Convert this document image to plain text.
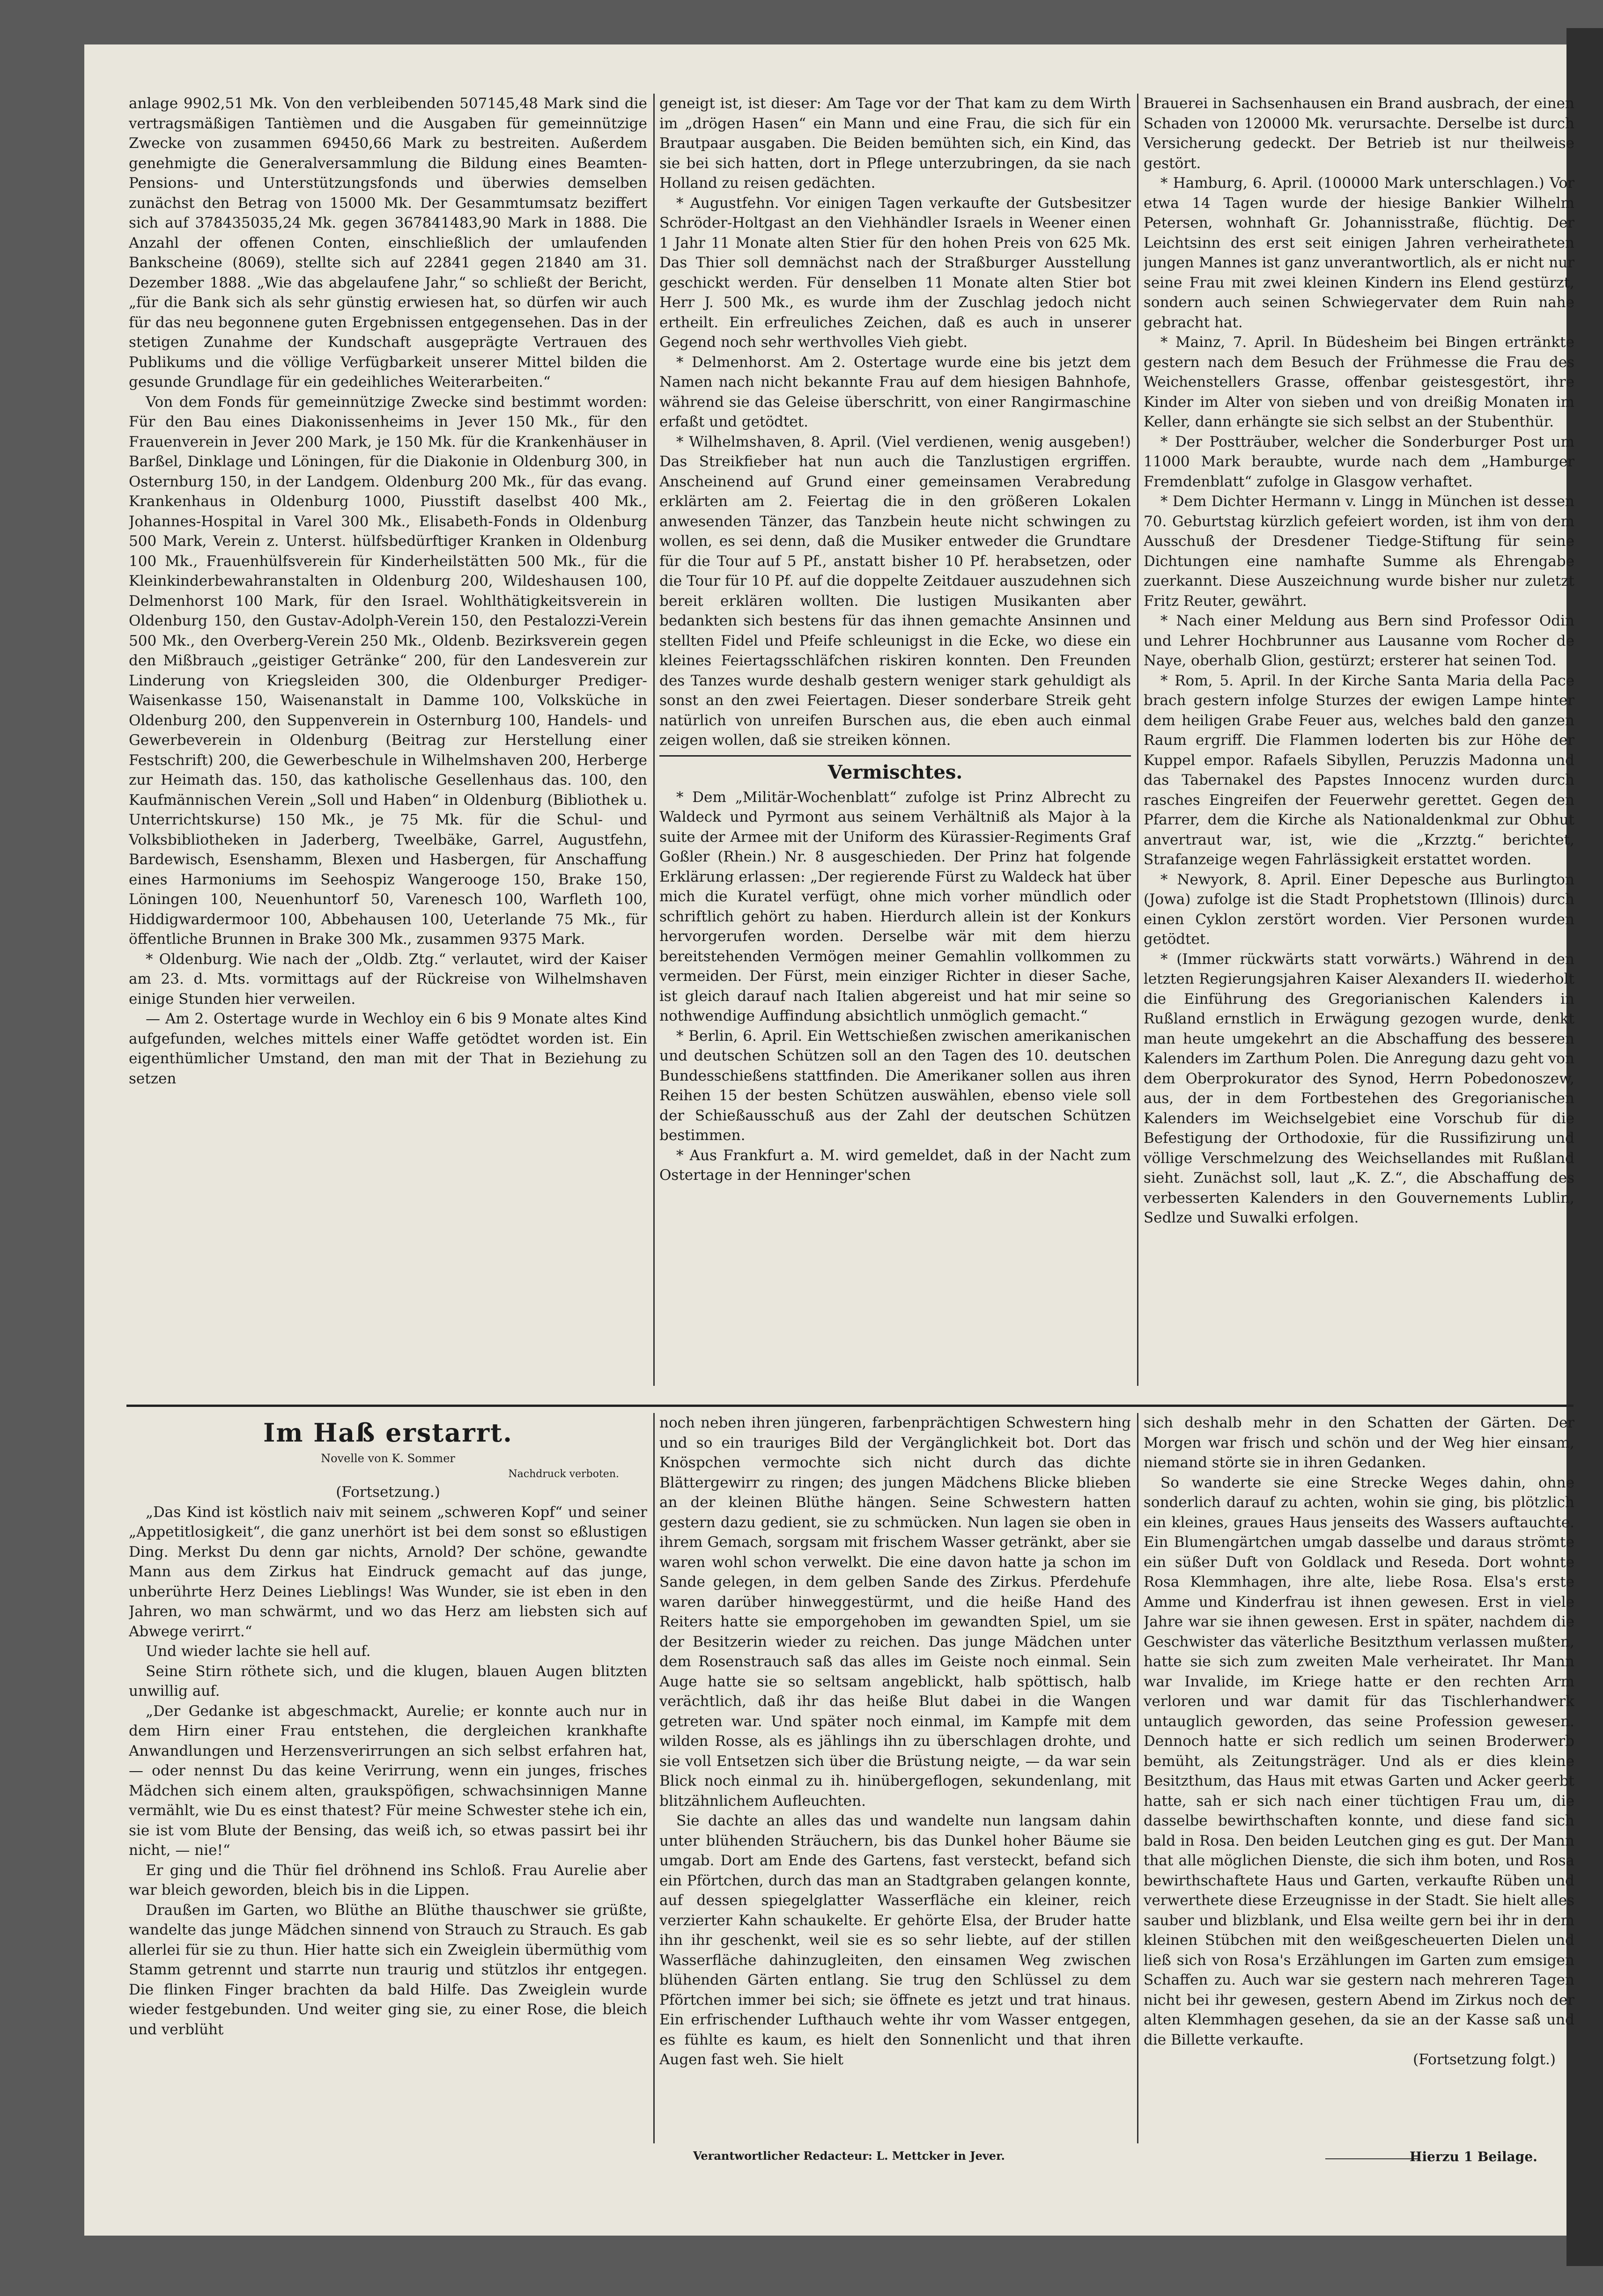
anlage 9902,51 Mk. Von den verbleibenden 507145,48 Mark sind die vertragsmäßigen Tantièmen und die Ausgaben für gemeinnützige Zwecke von zusammen 69450,66 Mark zu bestreiten. Außerdem genehmigte die Generalversammlung die Bildung eines Beamten-Pensions- und Unterstützungsfonds und überwies demselben zunächst den Betrag von 15000 Mk. Der Gesammtumsatz beziffert sich auf 378435035,24 Mk. gegen 367841483,90 Mark in 1888. Die Anzahl der offenen Conten, einschließlich der umlaufenden Bankscheine (8069), stellte sich auf 22841 gegen 21840 am 31. Dezember 1888. „Wie das abgelaufene Jahr,“ so schließt der Bericht, „für die Bank sich als sehr günstig erwiesen hat, so dürfen wir auch für das neu begonnene guten Ergebnissen entgegensehen. Das in der stetigen Zunahme der Kundschaft ausgeprägte Vertrauen des Publikums und die völlige Verfügbarkeit unserer Mittel bilden die gesunde Grundlage für ein gedeihliches Weiterarbeiten.“

Von dem Fonds für gemeinnützige Zwecke sind bestimmt worden: Für den Bau eines Diakonissenheims in Jever 150 Mk., für den Frauenverein in Jever 200 Mark, je 150 Mk. für die Krankenhäuser in Barßel, Dinklage und Löningen, für die Diakonie in Oldenburg 300, in Osternburg 150, in der Landgem. Oldenburg 200 Mk., für das evang. Krankenhaus in Oldenburg 1000, Piusstift daselbst 400 Mk., Johannes-Hospital in Varel 300 Mk., Elisabeth-Fonds in Oldenburg 500 Mark, Verein z. Unterst. hülfsbedürftiger Kranken in Oldenburg 100 Mk., Frauenhülfsverein für Kinderheilstätten 500 Mk., für die Kleinkinderbewahranstalten in Oldenburg 200, Wildeshausen 100, Delmenhorst 100 Mark, für den Israel. Wohlthätigkeitsverein in Oldenburg 150, den Gustav-Adolph-Verein 150, den Pestalozzi-Verein 500 Mk., den Overberg-Verein 250 Mk., Oldenb. Bezirksverein gegen den Mißbrauch „geistiger Getränke“ 200, für den Landesverein zur Linderung von Kriegsleiden 300, die Oldenburger Prediger-Waisenkasse 150, Waisenanstalt in Damme 100, Volksküche in Oldenburg 200, den Suppenverein in Osternburg 100, Handels- und Gewerbeverein in Oldenburg (Beitrag zur Herstellung einer Festschrift) 200, die Gewerbeschule in Wilhelmshaven 200, Herberge zur Heimath das. 150, das katholische Gesellenhaus das. 100, den Kaufmännischen Verein „Soll und Haben“ in Oldenburg (Bibliothek u. Unterrichtskurse) 150 Mk., je 75 Mk. für die Schul- und Volksbibliotheken in Jaderberg, Tweelbäke, Garrel, Augustfehn, Bardewisch, Esenshamm, Blexen und Hasbergen, für Anschaffung eines Harmoniums im Seehospiz Wangerooge 150, Brake 150, Löningen 100, Neuenhuntorf 50, Varenesch 100, Warfleth 100, Hiddigwardermoor 100, Abbehausen 100, Ueterlande 75 Mk., für öffentliche Brunnen in Brake 300 Mk., zusammen 9375 Mark.

* Oldenburg. Wie nach der „Oldb. Ztg.“ verlautet, wird der Kaiser am 23. d. Mts. vormittags auf der Rückreise von Wilhelmshaven einige Stunden hier verweilen.

— Am 2. Ostertage wurde in Wechloy ein 6 bis 9 Monate altes Kind aufgefunden, welches mittels einer Waffe getödtet worden ist. Ein eigenthümlicher Umstand, den man mit der That in Beziehung zu setzen

geneigt ist, ist dieser: Am Tage vor der That kam zu dem Wirth im „drögen Hasen“ ein Mann und eine Frau, die sich für ein Brautpaar ausgaben. Die Beiden bemühten sich, ein Kind, das sie bei sich hatten, dort in Pflege unterzubringen, da sie nach Holland zu reisen gedächten.

* Augustfehn. Vor einigen Tagen verkaufte der Gutsbesitzer Schröder-Holtgast an den Viehhändler Israels in Weener einen 1 Jahr 11 Monate alten Stier für den hohen Preis von 625 Mk. Das Thier soll demnächst nach der Straßburger Ausstellung geschickt werden. Für denselben 11 Monate alten Stier bot Herr J. 500 Mk., es wurde ihm der Zuschlag jedoch nicht ertheilt. Ein erfreuliches Zeichen, daß es auch in unserer Gegend noch sehr werthvolles Vieh giebt.

* Delmenhorst. Am 2. Ostertage wurde eine bis jetzt dem Namen nach nicht bekannte Frau auf dem hiesigen Bahnhofe, während sie das Geleise überschritt, von einer Rangirmaschine erfaßt und getödtet.

* Wilhelmshaven, 8. April. (Viel verdienen, wenig ausgeben!) Das Streikfieber hat nun auch die Tanzlustigen ergriffen. Anscheinend auf Grund einer gemeinsamen Verabredung erklärten am 2. Feiertag die in den größeren Lokalen anwesenden Tänzer, das Tanzbein heute nicht schwingen zu wollen, es sei denn, daß die Musiker entweder die Grundtare für die Tour auf 5 Pf., anstatt bisher 10 Pf. herabsetzen, oder die Tour für 10 Pf. auf die doppelte Zeitdauer auszudehnen sich bereit erklären wollten. Die lustigen Musikanten aber bedankten sich bestens für das ihnen gemachte Ansinnen und stellten Fidel und Pfeife schleunigst in die Ecke, wo diese ein kleines Feiertagsschläfchen riskiren konnten. Den Freunden des Tanzes wurde deshalb gestern weniger stark gehuldigt als sonst an den zwei Feiertagen. Dieser sonderbare Streik geht natürlich von unreifen Burschen aus, die eben auch einmal zeigen wollen, daß sie streiken können.

Vermischtes.

* Dem „Militär-Wochenblatt“ zufolge ist Prinz Albrecht zu Waldeck und Pyrmont aus seinem Verhältniß als Major à la suite der Armee mit der Uniform des Kürassier-Regiments Graf Goßler (Rhein.) Nr. 8 ausgeschieden. Der Prinz hat folgende Erklärung erlassen: „Der regierende Fürst zu Waldeck hat über mich die Kuratel verfügt, ohne mich vorher mündlich oder schriftlich gehört zu haben. Hierdurch allein ist der Konkurs hervorgerufen worden. Derselbe wär mit dem hierzu bereitstehenden Vermögen meiner Gemahlin vollkommen zu vermeiden. Der Fürst, mein einziger Richter in dieser Sache, ist gleich darauf nach Italien abgereist und hat mir seine so nothwendige Auffindung absichtlich unmöglich gemacht.“

* Berlin, 6. April. Ein Wettschießen zwischen amerikanischen und deutschen Schützen soll an den Tagen des 10. deutschen Bundesschießens stattfinden. Die Amerikaner sollen aus ihren Reihen 15 der besten Schützen auswählen, ebenso viele soll der Schießausschuß aus der Zahl der deutschen Schützen bestimmen.

* Aus Frankfurt a. M. wird gemeldet, daß in der Nacht zum Ostertage in der Henninger'schen

Brauerei in Sachsenhausen ein Brand ausbrach, der einen Schaden von 120000 Mk. verursachte. Derselbe ist durch Versicherung gedeckt. Der Betrieb ist nur theilweise gestört.

* Hamburg, 6. April. (100000 Mark unterschlagen.) Vor etwa 14 Tagen wurde der hiesige Bankier Wilhelm Petersen, wohnhaft Gr. Johannisstraße, flüchtig. Der Leichtsinn des erst seit einigen Jahren verheiratheten jungen Mannes ist ganz unverantwortlich, als er nicht nur seine Frau mit zwei kleinen Kindern ins Elend gestürzt, sondern auch seinen Schwiegervater dem Ruin nahe gebracht hat.

* Mainz, 7. April. In Büdesheim bei Bingen ertränkte gestern nach dem Besuch der Frühmesse die Frau des Weichenstellers Grasse, offenbar geistesgestört, ihre Kinder im Alter von sieben und von dreißig Monaten im Keller, dann erhängte sie sich selbst an der Stubenthür.

* Der Postträuber, welcher die Sonderburger Post um 11000 Mark beraubte, wurde nach dem „Hamburger Fremdenblatt“ zufolge in Glasgow verhaftet.

* Dem Dichter Hermann v. Lingg in München ist dessen 70. Geburtstag kürzlich gefeiert worden, ist ihm von dem Ausschuß der Dresdener Tiedge-Stiftung für seine Dichtungen eine namhafte Summe als Ehrengabe zuerkannt. Diese Auszeichnung wurde bisher nur zuletzt Fritz Reuter, gewährt.

* Nach einer Meldung aus Bern sind Professor Odin und Lehrer Hochbrunner aus Lausanne vom Rocher de Naye, oberhalb Glion, gestürzt; ersterer hat seinen Tod.

* Rom, 5. April. In der Kirche Santa Maria della Pace brach gestern infolge Sturzes der ewigen Lampe hinter dem heiligen Grabe Feuer aus, welches bald den ganzen Raum ergriff. Die Flammen loderten bis zur Höhe der Kuppel empor. Rafaels Sibyllen, Peruzzis Madonna und das Tabernakel des Papstes Innocenz wurden durch rasches Eingreifen der Feuerwehr gerettet. Gegen den Pfarrer, dem die Kirche als Nationaldenkmal zur Obhut anvertraut war, ist, wie die „Krzztg.“ berichtet, Strafanzeige wegen Fahrlässigkeit erstattet worden.

* Newyork, 8. April. Einer Depesche aus Burlington (Jowa) zufolge ist die Stadt Prophetstown (Illinois) durch einen Cyklon zerstört worden. Vier Personen wurden getödtet.

* (Immer rückwärts statt vorwärts.) Während in den letzten Regierungsjahren Kaiser Alexanders II. wiederholt die Einführung des Gregorianischen Kalenders in Rußland ernstlich in Erwägung gezogen wurde, denkt man heute umgekehrt an die Abschaffung des besseren Kalenders im Zarthum Polen. Die Anregung dazu geht von dem Oberprokurator des Synod, Herrn Pobedonoszew, aus, der in dem Fortbestehen des Gregorianischen Kalenders im Weichselgebiet eine Vorschub für die Befestigung der Orthodoxie, für die Russifizirung und völlige Verschmelzung des Weichsellandes mit Rußland sieht. Zunächst soll, laut „K. Z.“, die Abschaffung des verbesserten Kalenders in den Gouvernements Lublin, Sedlze und Suwalki erfolgen.

Im Haß erstarrt.
Novelle von K. Sommer
Nachdruck verboten.
(Fortsetzung.)

„Das Kind ist köstlich naiv mit seinem „schweren Kopf“ und seiner „Appetitlosigkeit“, die ganz unerhört ist bei dem sonst so eßlustigen Ding. Merkst Du denn gar nichts, Arnold? Der schöne, gewandte Mann aus dem Zirkus hat Eindruck gemacht auf das junge, unberührte Herz Deines Lieblings! Was Wunder, sie ist eben in den Jahren, wo man schwärmt, und wo das Herz am liebsten sich auf Abwege verirrt.“

Und wieder lachte sie hell auf.

Seine Stirn röthete sich, und die klugen, blauen Augen blitzten unwillig auf.

„Der Gedanke ist abgeschmackt, Aurelie; er konnte auch nur in dem Hirn einer Frau entstehen, die dergleichen krankhafte Anwandlungen und Herzensverirrungen an sich selbst erfahren hat, — oder nennst Du das keine Verirrung, wenn ein junges, frisches Mädchen sich einem alten, graukspöfigen, schwachsinnigen Manne vermählt, wie Du es einst thatest? Für meine Schwester stehe ich ein, sie ist vom Blute der Bensing, das weiß ich, so etwas passirt bei ihr nicht, — nie!“

Er ging und die Thür fiel dröhnend ins Schloß. Frau Aurelie aber war bleich geworden, bleich bis in die Lippen.

Draußen im Garten, wo Blüthe an Blüthe thauschwer sie grüßte, wandelte das junge Mädchen sinnend von Strauch zu Strauch. Es gab allerlei für sie zu thun. Hier hatte sich ein Zweiglein übermüthig vom Stamm getrennt und starrte nun traurig und stützlos ihr entgegen. Die flinken Finger brachten da bald Hilfe. Das Zweiglein wurde wieder festgebunden. Und weiter ging sie, zu einer Rose, die bleich und verblüht

noch neben ihren jüngeren, farbenprächtigen Schwestern hing und so ein trauriges Bild der Vergänglichkeit bot. Dort das Knöspchen vermochte sich nicht durch das dichte Blättergewirr zu ringen; des jungen Mädchens Blicke blieben an der kleinen Blüthe hängen. Seine Schwestern hatten gestern dazu gedient, sie zu schmücken. Nun lagen sie oben in ihrem Gemach, sorgsam mit frischem Wasser getränkt, aber sie waren wohl schon verwelkt. Die eine davon hatte ja schon im Sande gelegen, in dem gelben Sande des Zirkus. Pferdehufe waren darüber hinweggestürmt, und die heiße Hand des Reiters hatte sie emporgehoben im gewandten Spiel, um sie der Besitzerin wieder zu reichen. Das junge Mädchen unter dem Rosenstrauch saß das alles im Geiste noch einmal. Sein Auge hatte sie so seltsam angeblickt, halb spöttisch, halb verächtlich, daß ihr das heiße Blut dabei in die Wangen getreten war. Und später noch einmal, im Kampfe mit dem wilden Rosse, als es jählings ihn zu überschlagen drohte, und sie voll Entsetzen sich über die Brüstung neigte, — da war sein Blick noch einmal zu ih. hinübergeflogen, sekundenlang, mit blitzähnlichem Aufleuchten.

Sie dachte an alles das und wandelte nun langsam dahin unter blühenden Sträuchern, bis das Dunkel hoher Bäume sie umgab. Dort am Ende des Gartens, fast versteckt, befand sich ein Pförtchen, durch das man an Stadtgraben gelangen konnte, auf dessen spiegelglatter Wasserfläche ein kleiner, reich verzierter Kahn schaukelte. Er gehörte Elsa, der Bruder hatte ihn ihr geschenkt, weil sie es so sehr liebte, auf der stillen Wasserfläche dahinzugleiten, den einsamen Weg zwischen blühenden Gärten entlang. Sie trug den Schlüssel zu dem Pförtchen immer bei sich; sie öffnete es jetzt und trat hinaus. Ein erfrischender Lufthauch wehte ihr vom Wasser entgegen, es fühlte es kaum, es hielt den Sonnenlicht und that ihren Augen fast weh. Sie hielt

sich deshalb mehr in den Schatten der Gärten. Der Morgen war frisch und schön und der Weg hier einsam, niemand störte sie in ihren Gedanken.

So wanderte sie eine Strecke Weges dahin, ohne sonderlich darauf zu achten, wohin sie ging, bis plötzlich ein kleines, graues Haus jenseits des Wassers auftauchte. Ein Blumengärtchen umgab dasselbe und daraus strömte ein süßer Duft von Goldlack und Reseda. Dort wohnte Rosa Klemmhagen, ihre alte, liebe Rosa. Elsa's erste Amme und Kinderfrau ist ihnen gewesen. Erst in viele Jahre war sie ihnen gewesen. Erst in später, nachdem die Geschwister das väterliche Besitzthum verlassen mußten, hatte sie sich zum zweiten Male verheiratet. Ihr Mann war Invalide, im Kriege hatte er den rechten Arm verloren und war damit für das Tischlerhandwerk untauglich geworden, das seine Profession gewesen. Dennoch hatte er sich redlich um seinen Broderwerb bemüht, als Zeitungsträger. Und als er dies kleine Besitzthum, das Haus mit etwas Garten und Acker geerbt hatte, sah er sich nach einer tüchtigen Frau um, die dasselbe bewirthschaften konnte, und diese fand sich bald in Rosa. Den beiden Leutchen ging es gut. Der Mann that alle möglichen Dienste, die sich ihm boten, und Rosa bewirthschaftete Haus und Garten, verkaufte Rüben und verwerthete diese Erzeugnisse in der Stadt. Sie hielt alles sauber und blizblank, und Elsa weilte gern bei ihr in dem kleinen Stübchen mit den weißgescheuerten Dielen und ließ sich von Rosa's Erzählungen im Garten zum emsigen Schaffen zu. Auch war sie gestern nach mehreren Tagen nicht bei ihr gewesen, gestern Abend im Zirkus noch der alten Klemmhagen gesehen, da sie an der Kasse saß und die Billette verkaufte.

(Fortsetzung folgt.)

Verantwortlicher Redacteur: L. Mettcker in Jever.	Hierzu 1 Beilage.
